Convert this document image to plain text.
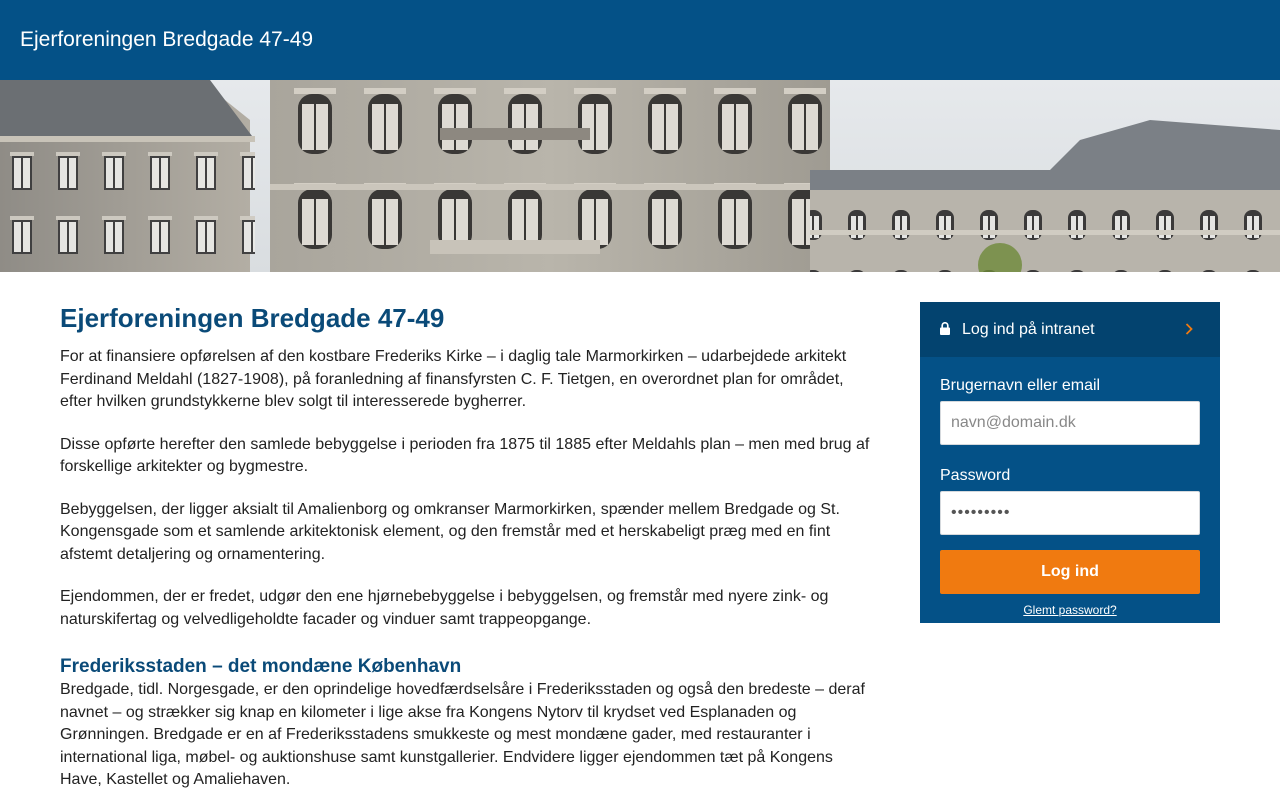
Ejerforeningen Bredgade 47-49
Ejerforeningen Bredgade 47-49

For at finansiere opførelsen af den kostbare Frederiks Kirke – i daglig tale Marmorkirken – udarbejdede arkitekt Ferdinand Meldahl (1827-1908), på foranledning af finansfyrsten C. F. Tietgen, en overordnet plan for området, efter hvilken grundstykkerne blev solgt til interesserede bygherrer.

Disse opførte herefter den samlede bebyggelse i perioden fra 1875 til 1885 efter Meldahls plan – men med brug af forskellige arkitekter og bygmestre.

Bebyggelsen, der ligger aksialt til Amalienborg og omkranser Marmorkirken, spænder mellem Bredgade og St. Kongensgade som et samlende arkitektonisk element, og den fremstår med et herskabeligt præg med en fint afstemt detaljering og ornamentering.

Ejendommen, der er fredet, udgør den ene hjørnebebyggelse i bebyggelsen, og fremstår med nyere zink- og naturskifertag og velvedligeholdte facader og vinduer samt trappeopgange.

Frederiksstaden – det mondæne København

Bredgade, tidl. Norgesgade, er den oprindelige hovedfærdselsåre i Frederiksstaden og også den bredeste – deraf navnet – og strækker sig knap en kilometer i lige akse fra Kongens Nytorv til krydset ved Esplanaden og Grønningen. Bredgade er en af Frederiksstadens smukkeste og mest mondæne gader, med restauranter i international liga, møbel- og auktionshuse samt kunstgallerier. Endvidere ligger ejendommen tæt på Kongens Have, Kastellet og Amaliehaven.

Log ind på intranet
Brugernavn eller email
navn@domain.dk
Password
•••••••••
Log ind
Glemt password?
